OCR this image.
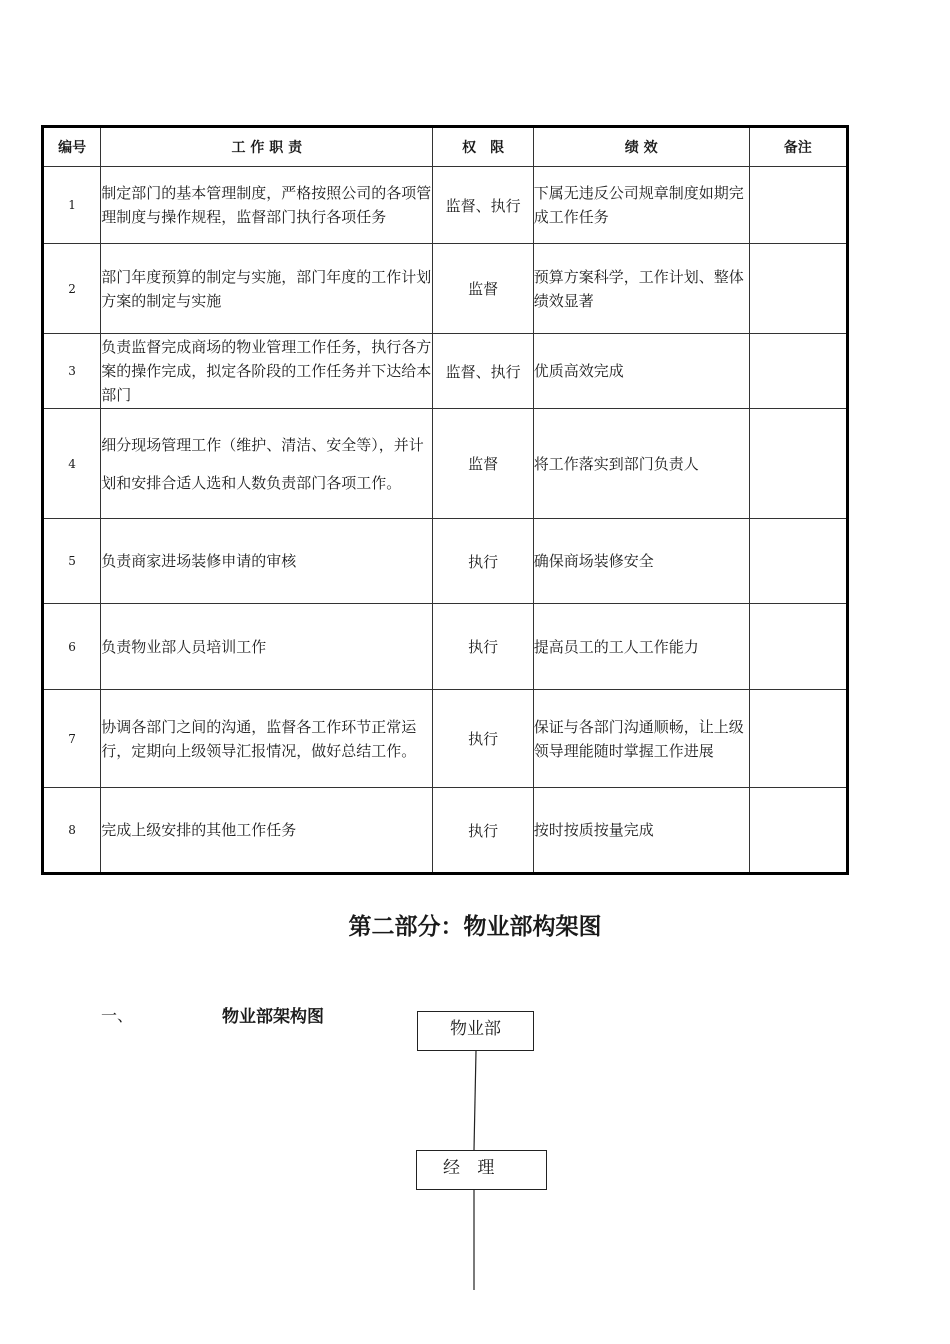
编号	工 作 职 责	权　限	绩 效	备注
1	制定部门的基本管理制度，严格按照公司的各项管理制度与操作规程，监督部门执行各项任务	监督、执行	下属无违反公司规章制度如期完成工作任务	
2	部门年度预算的制定与实施，部门年度的工作计划方案的制定与实施	监督	预算方案科学，工作计划、整体绩效显著	
3	负责监督完成商场的物业管理工作任务，执行各方案的操作完成，拟定各阶段的工作任务并下达给本部门	监督、执行	优质高效完成	
4	细分现场管理工作（维护、清洁、安全等），并计划和安排合适人选和人数负责部门各项工作。	监督	将工作落实到部门负责人	
5	负责商家进场装修申请的审核	执行	确保商场装修安全	
6	负责物业部人员培训工作	执行	提高员工的工人工作能力	
7	协调各部门之间的沟通，监督各工作环节正常运行，定期向上级领导汇报情况，做好总结工作。	执行	保证与各部门沟通顺畅，让上级领导理能随时掌握工作进展	
8	完成上级安排的其他工作任务	执行	按时按质按量完成	
第二部分：物业部构架图
一、	物业部架构图
物业部
经 理
